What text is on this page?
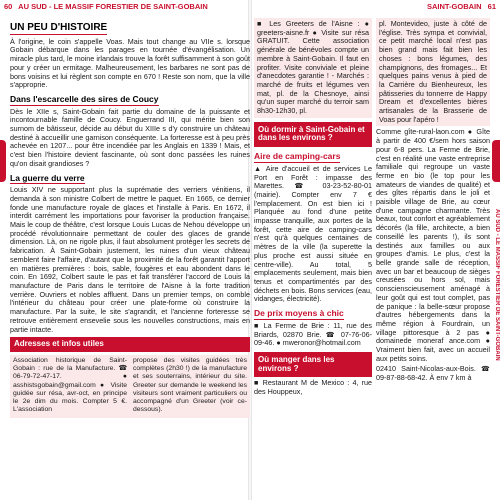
60 AU SUD - LE MASSIF FORESTIER DE SAINT-GOBAIN	SAINT-GOBAIN 61
AU SUD - LE MASSIF FORESTIER DE SAINT-GOBAIN
UN PEU D'HISTOIRE

À l'origine, le coin s'appelle Voas. Mais tout change au VIIe s. lorsque Gobain débarque dans les parages en tournée d'évangélisation. Un miracle plus tard, le moine irlandais trouve la forêt suffisamment à son goût pour y créer un ermitage. Malheureusement, les barbares ne sont pas de bons voisins et lui règlent son compte en 670 ! Reste son nom, que la ville s'approprie.

Dans l'escarcelle des sires de Coucy

Dès le XIIe s, Saint-Gobain fait partie du domaine de la puissante et incontournable famille de Coucy. Enguerrand III, qui mérite bien son surnom de bâtisseur, décide au début du XIIIe s d'y construire un château destiné à accueillir une garnison conséquente. La forteresse est à peu près achevée en 1207... pour être incendiée par les Anglais en 1339 ! Mais, et c'est bien l'histoire devient fascinante, où sont donc passées les ruines qu'on disait grandioses ?

La guerre du verre

Louis XIV ne supportant plus la suprématie des verriers vénitiens, il demanda à son ministre Colbert de mettre le paquet. En 1665, ce dernier fonde une manufacture royale de glaces et l'installe à Paris. En 1672, il interdit carrément les importations pour favoriser la production française. Mais le coup de théâtre, c'est lorsque Louis Lucas de Nehou développe un procédé révolutionnaire permettant de couler des glaces de grande dimension. Là, on ne rigole plus, il faut absolument protéger les secrets de fabrication. À Saint-Gobain justement, les ruines d'un vieux château semblent faire l'affaire, d'autant que la proximité de la forêt garantit l'apport en matières premières : bois, sable, fougères et eau abondent dans le coin. En 1692, Colbert saute le pas et fait transférer l'accord de Louis la manufacture de Paris dans le territoire de l'Aisne à la forte tradition verrière. Ouvriers et nobles affluent. Dans un premier temps, on comble l'intérieur du château pour créer une plate-forme où construire la manufacture. Par la suite, le site s'agrandit, et l'ancienne forteresse se retrouve entièrement ensevelie sous les nouvelles constructions, mais en partie intacte.

Adresses et infos utiles

Association historique de Saint-Gobain : rue de la Manufacture. ☎ 06-79-72-47-17. ● asshistsgobain@gmail.com ● Visite guidée sur résa, avr-oct, en principe le 2e dim du mois. Compter 5 €. L'association

propose des visites guidées très complètes (2h30 !) de la manufacture et ses souterrains, intérieur du site. Greeter sur demande le weekend les visiteurs sont vraiment particuliers ou accompagné d'un Greeter (voir ce-dessous).

■ Les Greeters de l'Aisne : ● greeters-aisne.fr ● Visite sur résa GRATUIT. Cette association générale de bénévoles compte un membre à Saint-Gobain. Il faut en profiter. Visite conviviale et pleine d'anecdotes garantie ! - Marchés : marché de fruits et légumes ven mat, pl. de la Chesnoye, ainsi qu'un super marché du terroir sam 8h30-12h30, pl.

Où dormir à Saint-Gobain et dans les environs ?
Aire de camping-cars

▲ Aire d'accueil et de services Le Port en Forêt : impasse des Marettes. ☎ 03-23-52-80-01 (mairie). Compter env 7 € l'emplacement. On est bien ici ! Planquée au fond d'une petite impasse tranquille, aux portes de la forêt, cette aire de camping-cars n'est qu'à quelques centaines de mètres de la ville (la superette la plus proche est aussi située en centre-ville). Au total, 5 emplacements seulement, mais bien tenus et compartimentés par des déchets en bois. Bons services (eau, vidanges, électricité).

De prix moyens à chic

■ La Ferme de Brie : 11, rue des Briards, 02870 Brie. ☎ 07-76-06-09-46. ● mweronor@hotmail.com

Où manger dans les environs ?

■ Restaurant M de Mexico : 4, rue des Houppeux,

pl. Montevideo, juste à côté de l'église. Très sympa et convivial, ce petit marché local n'est pas bien grand mais fait bien les choses : bons légumes, des champignons, des fromages... Et quelques pains venus à pied de la Carrière du Bienheureux, les pâtisseries du tonnerre de Happy Dream et d'excellentes bières artisanales de la Brasserie de Voas pour l'apéro !

Comme gîte-rural-laon.com ● Gîte à partir de 400 €/sem hors saison pour 6-8 pers. La Ferme de Brie, c'est en réalité une vaste entreprise familiale qui regroupe un vaste ferme en bio (le top pour les amateurs de viandes de qualité) et des gîtes répartis dans le joli et paisible village de Brie, au cœur d'une campagne charmante. Très beaux, tout confort et agréablement décorés (la fille, architecte, a bien conseillé les parents !), ils sont destinés aux familles ou aux groupes d'amis. Le plus, c'est la belle grande salle de réception, avec un bar et beaucoup de sièges creusées ou hors sol, mais conscienscieusement aménagé à leur goût qui est tout complet, pas de panique : la belle-sœur propose d'autres hébergements dans la même région à Fourdrain, un village pittoresque à 2 pas ● domainede moneraf ance.com ● Vraiment bien fait, avec un accueil aux petits soins.

02410 Saint-Nicolas-aux-Bois. ☎ 09-87-88-68-42. À env 7 km à
